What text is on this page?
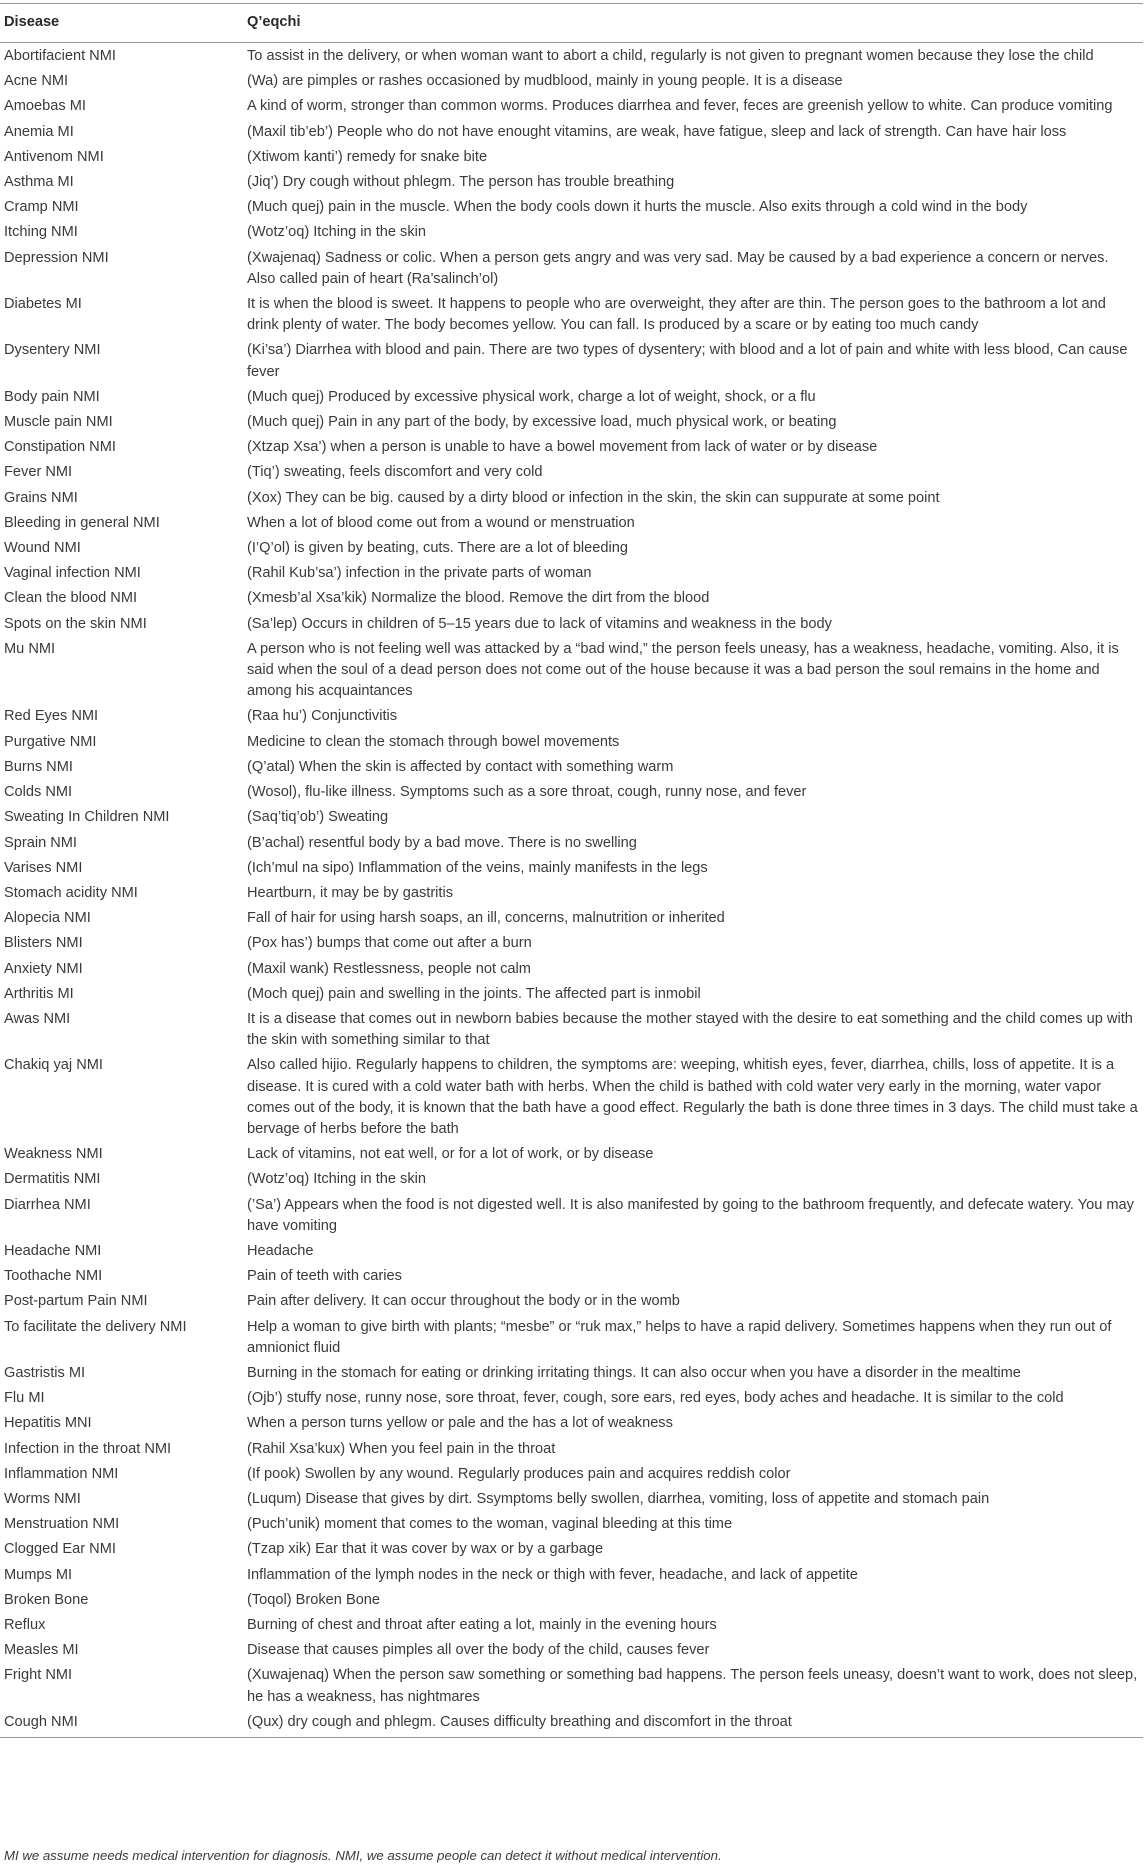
Disease	Q’eqchi
Abortifacient NMI	To assist in the delivery, or when woman want to abort a child, regularly is not given to pregnant women because they lose the child
Acne NMI	(Wa) are pimples or rashes occasioned by mudblood, mainly in young people. It is a disease
Amoebas MI	A kind of worm, stronger than common worms. Produces diarrhea and fever, feces are greenish yellow to white. Can produce vomiting
Anemia MI	(Maxil tib’eb’) People who do not have enought vitamins, are weak, have fatigue, sleep and lack of strength. Can have hair loss
Antivenom NMI	(Xtiwom kanti’) remedy for snake bite
Asthma MI	(Jiq’) Dry cough without phlegm. The person has trouble breathing
Cramp NMI	(Much quej) pain in the muscle. When the body cools down it hurts the muscle. Also exits through a cold wind in the body
Itching NMI	(Wotz’oq) Itching in the skin
Depression NMI	(Xwajenaq) Sadness or colic. When a person gets angry and was very sad. May be caused by a bad experience a concern or nerves. Also called pain of heart (Ra’salinch’ol)
Diabetes MI	It is when the blood is sweet. It happens to people who are overweight, they after are thin. The person goes to the bathroom a lot and drink plenty of water. The body becomes yellow. You can fall. Is produced by a scare or by eating too much candy
Dysentery NMI	(Ki’sa’) Diarrhea with blood and pain. There are two types of dysentery; with blood and a lot of pain and white with less blood, Can cause fever
Body pain NMI	(Much quej) Produced by excessive physical work, charge a lot of weight, shock, or a flu
Muscle pain NMI	(Much quej) Pain in any part of the body, by excessive load, much physical work, or beating
Constipation NMI	(Xtzap Xsa’) when a person is unable to have a bowel movement from lack of water or by disease
Fever NMI	(Tiq’) sweating, feels discomfort and very cold
Grains NMI	(Xox) They can be big. caused by a dirty blood or infection in the skin, the skin can suppurate at some point
Bleeding in general NMI	When a lot of blood come out from a wound or menstruation
Wound NMI	(I’Q’ol) is given by beating, cuts. There are a lot of bleeding
Vaginal infection NMI	(Rahil Kub’sa’) infection in the private parts of woman
Clean the blood NMI	(Xmesb’al Xsa’kik) Normalize the blood. Remove the dirt from the blood
Spots on the skin NMI	(Sa’lep) Occurs in children of 5–15 years due to lack of vitamins and weakness in the body
Mu NMI	A person who is not feeling well was attacked by a “bad wind,” the person feels uneasy, has a weakness, headache, vomiting. Also, it is said when the soul of a dead person does not come out of the house because it was a bad person the soul remains in the home and among his acquaintances
Red Eyes NMI	(Raa hu’) Conjunctivitis
Purgative NMI	Medicine to clean the stomach through bowel movements
Burns NMI	(Q’atal) When the skin is affected by contact with something warm
Colds NMI	(Wosol), flu-like illness. Symptoms such as a sore throat, cough, runny nose, and fever
Sweating In Children NMI	(Saq’tiq’ob’) Sweating
Sprain NMI	(B’achal) resentful body by a bad move. There is no swelling
Varises NMI	(Ich’mul na sipo) Inflammation of the veins, mainly manifests in the legs
Stomach acidity NMI	Heartburn, it may be by gastritis
Alopecia NMI	Fall of hair for using harsh soaps, an ill, concerns, malnutrition or inherited
Blisters NMI	(Pox has’) bumps that come out after a burn
Anxiety NMI	(Maxil wank) Restlessness, people not calm
Arthritis MI	(Moch quej) pain and swelling in the joints. The affected part is inmobil
Awas NMI	It is a disease that comes out in newborn babies because the mother stayed with the desire to eat something and the child comes up with the skin with something similar to that
Chakiq yaj NMI	Also called hijio. Regularly happens to children, the symptoms are: weeping, whitish eyes, fever, diarrhea, chills, loss of appetite. It is a disease. It is cured with a cold water bath with herbs. When the child is bathed with cold water very early in the morning, water vapor comes out of the body, it is known that the bath have a good effect. Regularly the bath is done three times in 3 days. The child must take a bervage of herbs before the bath
Weakness NMI	Lack of vitamins, not eat well, or for a lot of work, or by disease
Dermatitis NMI	(Wotz’oq) Itching in the skin
Diarrhea NMI	(’Sa’) Appears when the food is not digested well. It is also manifested by going to the bathroom frequently, and defecate watery. You may have vomiting
Headache NMI	Headache
Toothache NMI	Pain of teeth with caries
Post-partum Pain NMI	Pain after delivery. It can occur throughout the body or in the womb
To facilitate the delivery NMI	Help a woman to give birth with plants; “mesbe” or “ruk max,” helps to have a rapid delivery. Sometimes happens when they run out of amnionict fluid
Gastristis MI	Burning in the stomach for eating or drinking irritating things. It can also occur when you have a disorder in the mealtime
Flu MI	(Ojb’) stuffy nose, runny nose, sore throat, fever, cough, sore ears, red eyes, body aches and headache. It is similar to the cold
Hepatitis MNI	When a person turns yellow or pale and the has a lot of weakness
Infection in the throat NMI	(Rahil Xsa’kux) When you feel pain in the throat
Inflammation NMI	(If pook) Swollen by any wound. Regularly produces pain and acquires reddish color
Worms NMI	(Luqum) Disease that gives by dirt. Ssymptoms belly swollen, diarrhea, vomiting, loss of appetite and stomach pain
Menstruation NMI	(Puch’unik) moment that comes to the woman, vaginal bleeding at this time
Clogged Ear NMI	(Tzap xik) Ear that it was cover by wax or by a garbage
Mumps MI	Inflammation of the lymph nodes in the neck or thigh with fever, headache, and lack of appetite
Broken Bone	(Toqol) Broken Bone
Reflux	Burning of chest and throat after eating a lot, mainly in the evening hours
Measles MI	Disease that causes pimples all over the body of the child, causes fever
Fright NMI	(Xuwajenaq) When the person saw something or something bad happens. The person feels uneasy, doesn’t want to work, does not sleep, he has a weakness, has nightmares
Cough NMI	(Qux) dry cough and phlegm. Causes difficulty breathing and discomfort in the throat
MI we assume needs medical intervention for diagnosis. NMI, we assume people can detect it without medical intervention.
